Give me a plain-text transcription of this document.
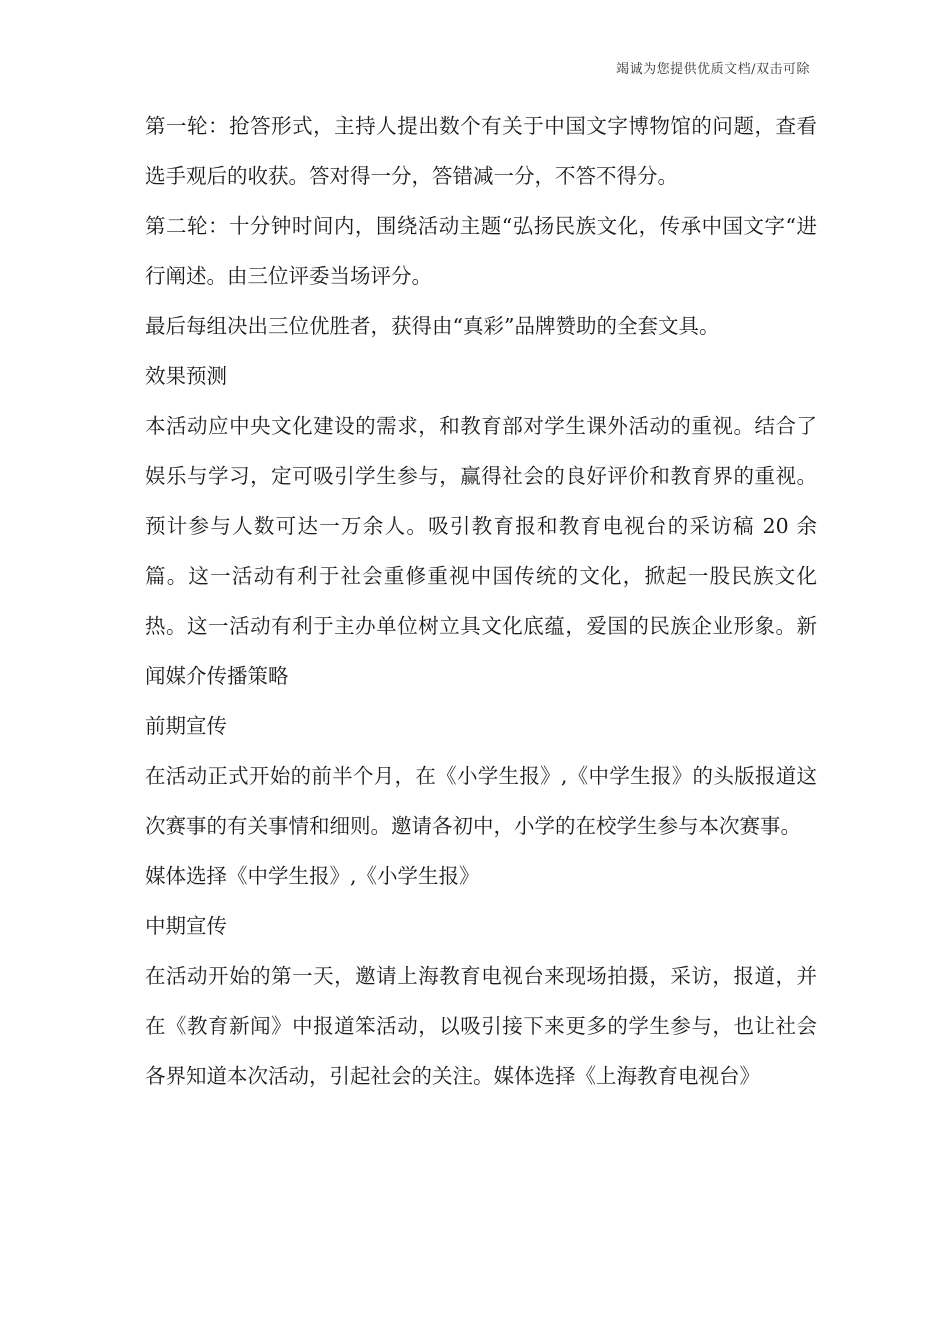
竭诚为您提供优质文档/双击可除

第一轮：抢答形式，主持人提出数个有关于中国文字博物馆的问题，查看选手观后的收获。答对得一分，答错减一分，不答不得分。

第二轮：十分钟时间内，围绕活动主题“弘扬民族文化，传承中国文字“进行阐述。由三位评委当场评分。

最后每组决出三位优胜者，获得由“真彩”品牌赞助的全套文具。

效果预测

本活动应中央文化建设的需求，和教育部对学生课外活动的重视。结合了娱乐与学习，定可吸引学生参与，赢得社会的良好评价和教育界的重视。预计参与人数可达一万余人。吸引教育报和教育电视台的采访稿 20 余篇。这一活动有利于社会重修重视中国传统的文化，掀起一股民族文化热。这一活动有利于主办单位树立具文化底蕴，爱国的民族企业形象。新闻媒介传播策略

前期宣传

在活动正式开始的前半个月，在《小学生报》,《中学生报》的头版报道这次赛事的有关事情和细则。邀请各初中，小学的在校学生参与本次赛事。

媒体选择《中学生报》,《小学生报》

中期宣传

在活动开始的第一天，邀请上海教育电视台来现场拍摄，采访，报道，并在《教育新闻》中报道笨活动，以吸引接下来更多的学生参与，也让社会各界知道本次活动，引起社会的关注。媒体选择《上海教育电视台》
